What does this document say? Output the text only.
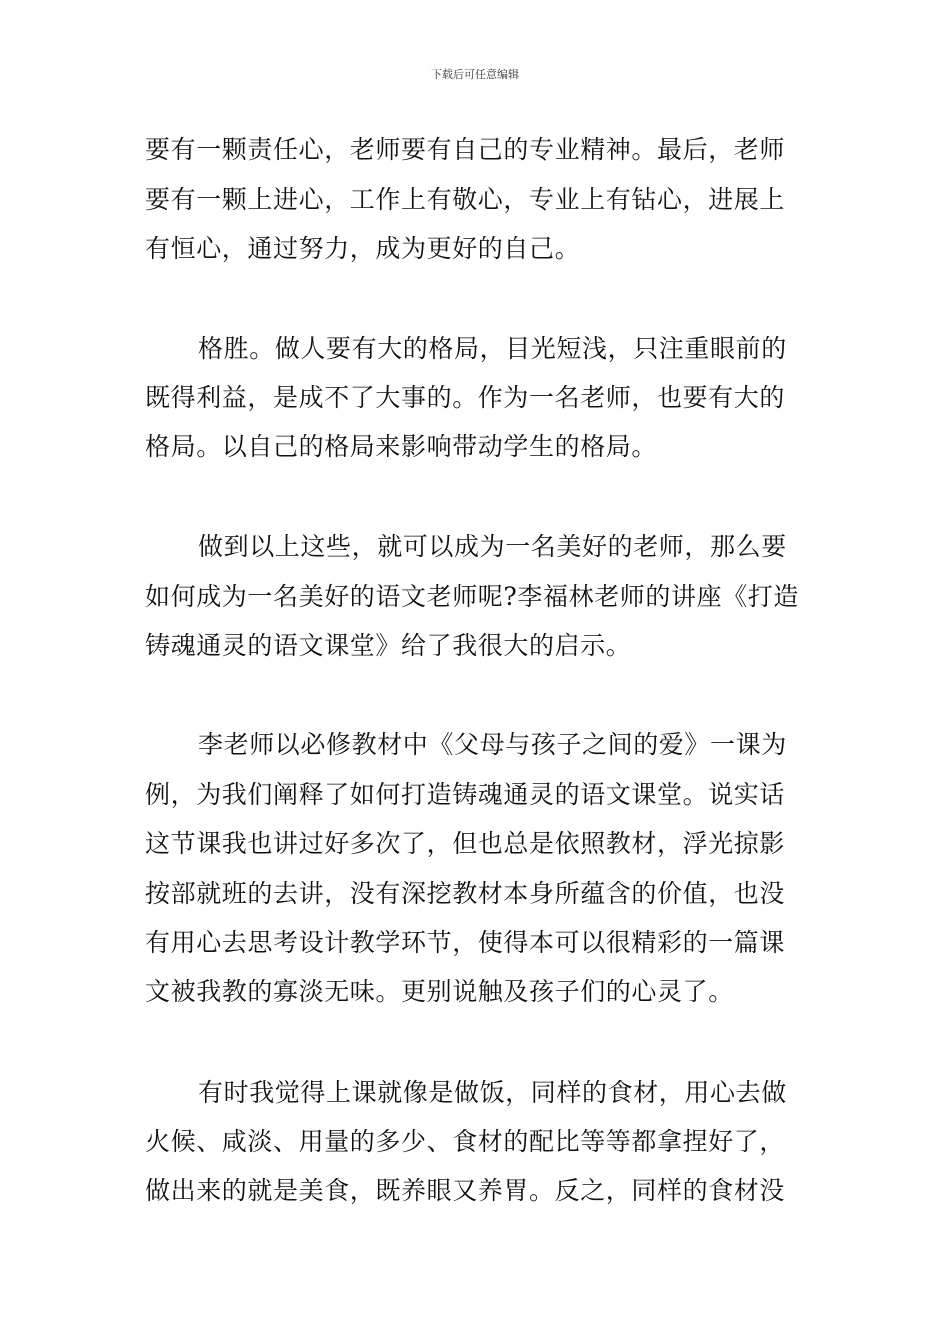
下载后可任意编辑
要有一颗责任心，老师要有自己的专业精神。最后，老师
要有一颗上进心，工作上有敬心，专业上有钻心，进展上
有恒心，通过努力，成为更好的自己。
格胜。做人要有大的格局，目光短浅，只注重眼前的
既得利益，是成不了大事的。作为一名老师，也要有大的
格局。以自己的格局来影响带动学生的格局。
做到以上这些，就可以成为一名美好的老师，那么要
如何成为一名美好的语文老师呢?李福林老师的讲座《打造
铸魂通灵的语文课堂》给了我很大的启示。
李老师以必修教材中《父母与孩子之间的爱》一课为
例，为我们阐释了如何打造铸魂通灵的语文课堂。说实话
这节课我也讲过好多次了，但也总是依照教材，浮光掠影
按部就班的去讲，没有深挖教材本身所蕴含的价值，也没
有用心去思考设计教学环节，使得本可以很精彩的一篇课
文被我教的寡淡无味。更别说触及孩子们的心灵了。
有时我觉得上课就像是做饭，同样的食材，用心去做
火候、咸淡、用量的多少、食材的配比等等都拿捏好了，
做出来的就是美食，既养眼又养胃。反之，同样的食材没
